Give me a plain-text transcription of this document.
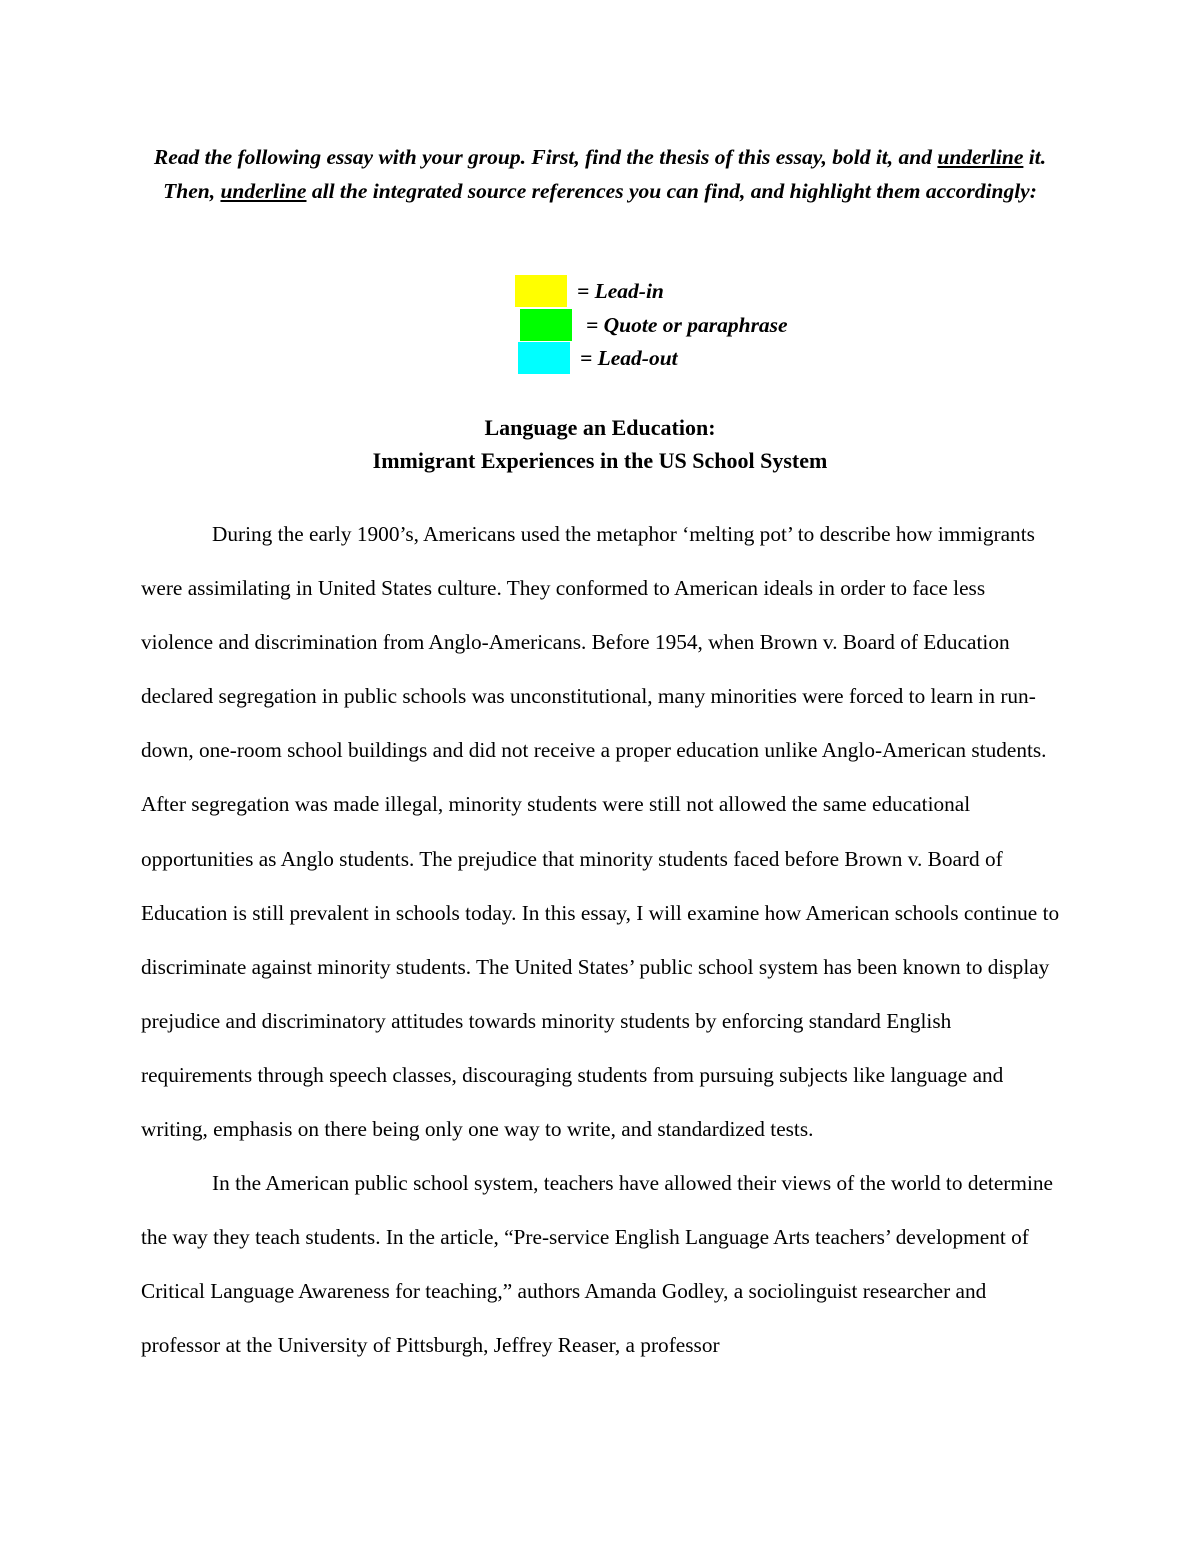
Read the following essay with your group. First, find the thesis of this essay, bold it, and underline it. Then, underline all the integrated source references you can find, and highlight them accordingly:
= Lead-in
= Quote or paraphrase
= Lead-out
Language an Education:
Immigrant Experiences in the US School System

During the early 1900’s, Americans used the metaphor ‘melting pot’ to describe how immigrants were assimilating in United States culture. They conformed to American ideals in order to face less violence and discrimination from Anglo-Americans. Before 1954, when Brown v. Board of Education declared segregation in public schools was unconstitutional, many minorities were forced to learn in run-down, one-room school buildings and did not receive a proper education unlike Anglo-American students. After segregation was made illegal, minority students were still not allowed the same educational opportunities as Anglo students. The prejudice that minority students faced before Brown v. Board of Education is still prevalent in schools today. In this essay, I will examine how American schools continue to discriminate against minority students. The United States’ public school system has been known to display prejudice and discriminatory attitudes towards minority students by enforcing standard English requirements through speech classes, discouraging students from pursuing subjects like language and writing, emphasis on there being only one way to write, and standardized tests.

In the American public school system, teachers have allowed their views of the world to determine the way they teach students. In the article, “Pre-service English Language Arts teachers’ development of Critical Language Awareness for teaching,” authors Amanda Godley, a sociolinguist researcher and professor at the University of Pittsburgh, Jeffrey Reaser, a professor
